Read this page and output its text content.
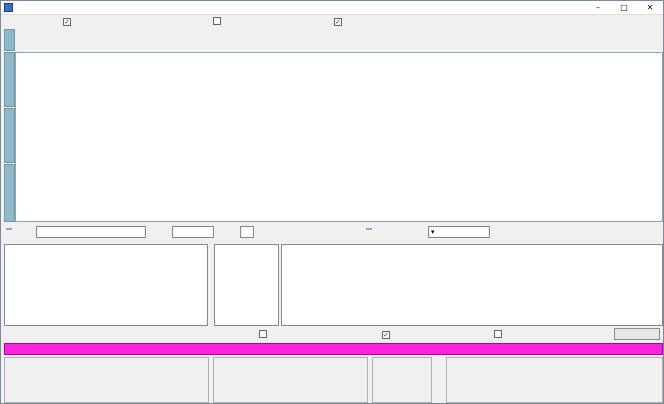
–	□	✕
✓	✓
▾
✓
